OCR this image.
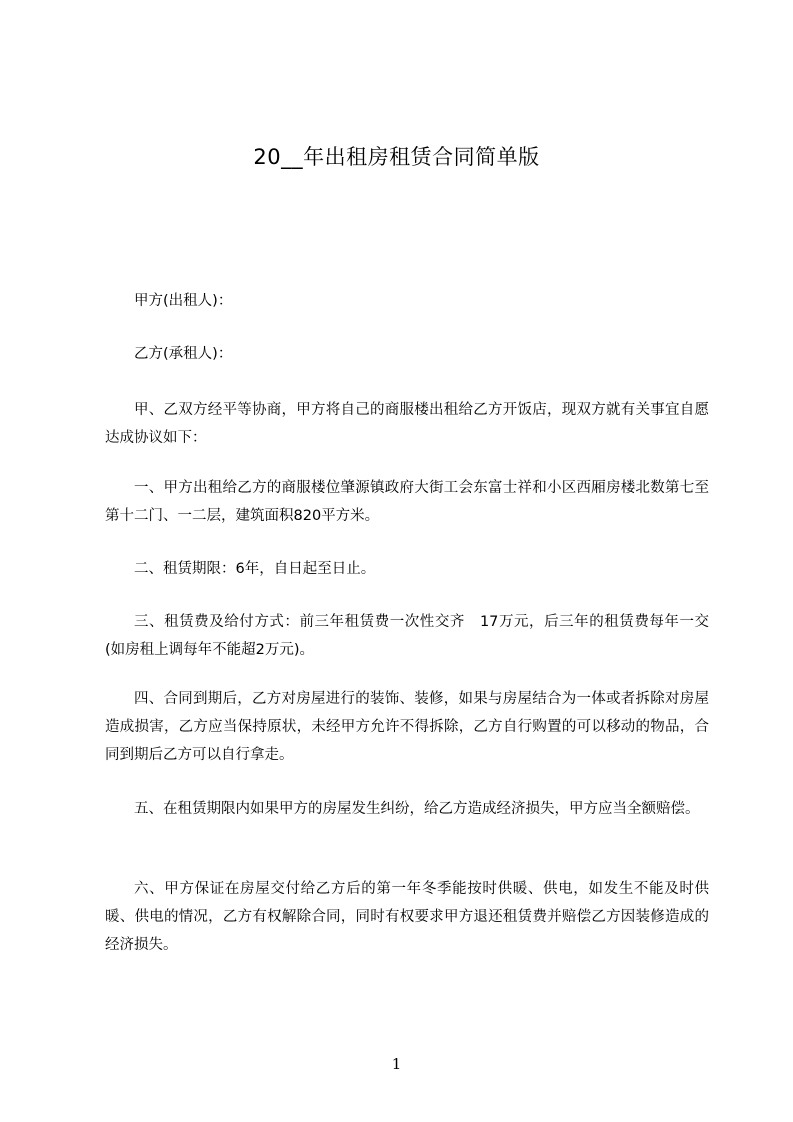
20__年出租房租赁合同简单版
甲方(出租人)：
乙方(承租人)：
甲、乙双方经平等协商，甲方将自己的商服楼出租给乙方开饭店，现双方就有关事宜自愿达成协议如下：
一、甲方出租给乙方的商服楼位肇源镇政府大街工会东富士祥和小区西厢房楼北数第七至第十二门、一二层，建筑面积820平方米。
二、租赁期限：6年，自日起至日止。
三、租赁费及给付方式：前三年租赁费一次性交齐　17万元，后三年的租赁费每年一交(如房租上调每年不能超2万元)。
四、合同到期后，乙方对房屋进行的装饰、装修，如果与房屋结合为一体或者拆除对房屋造成损害，乙方应当保持原状，未经甲方允许不得拆除，乙方自行购置的可以移动的物品，合同到期后乙方可以自行拿走。
五、在租赁期限内如果甲方的房屋发生纠纷，给乙方造成经济损失，甲方应当全额赔偿。
六、甲方保证在房屋交付给乙方后的第一年冬季能按时供暖、供电，如发生不能及时供暖、供电的情况，乙方有权解除合同，同时有权要求甲方退还租赁费并赔偿乙方因装修造成的经济损失。
1
